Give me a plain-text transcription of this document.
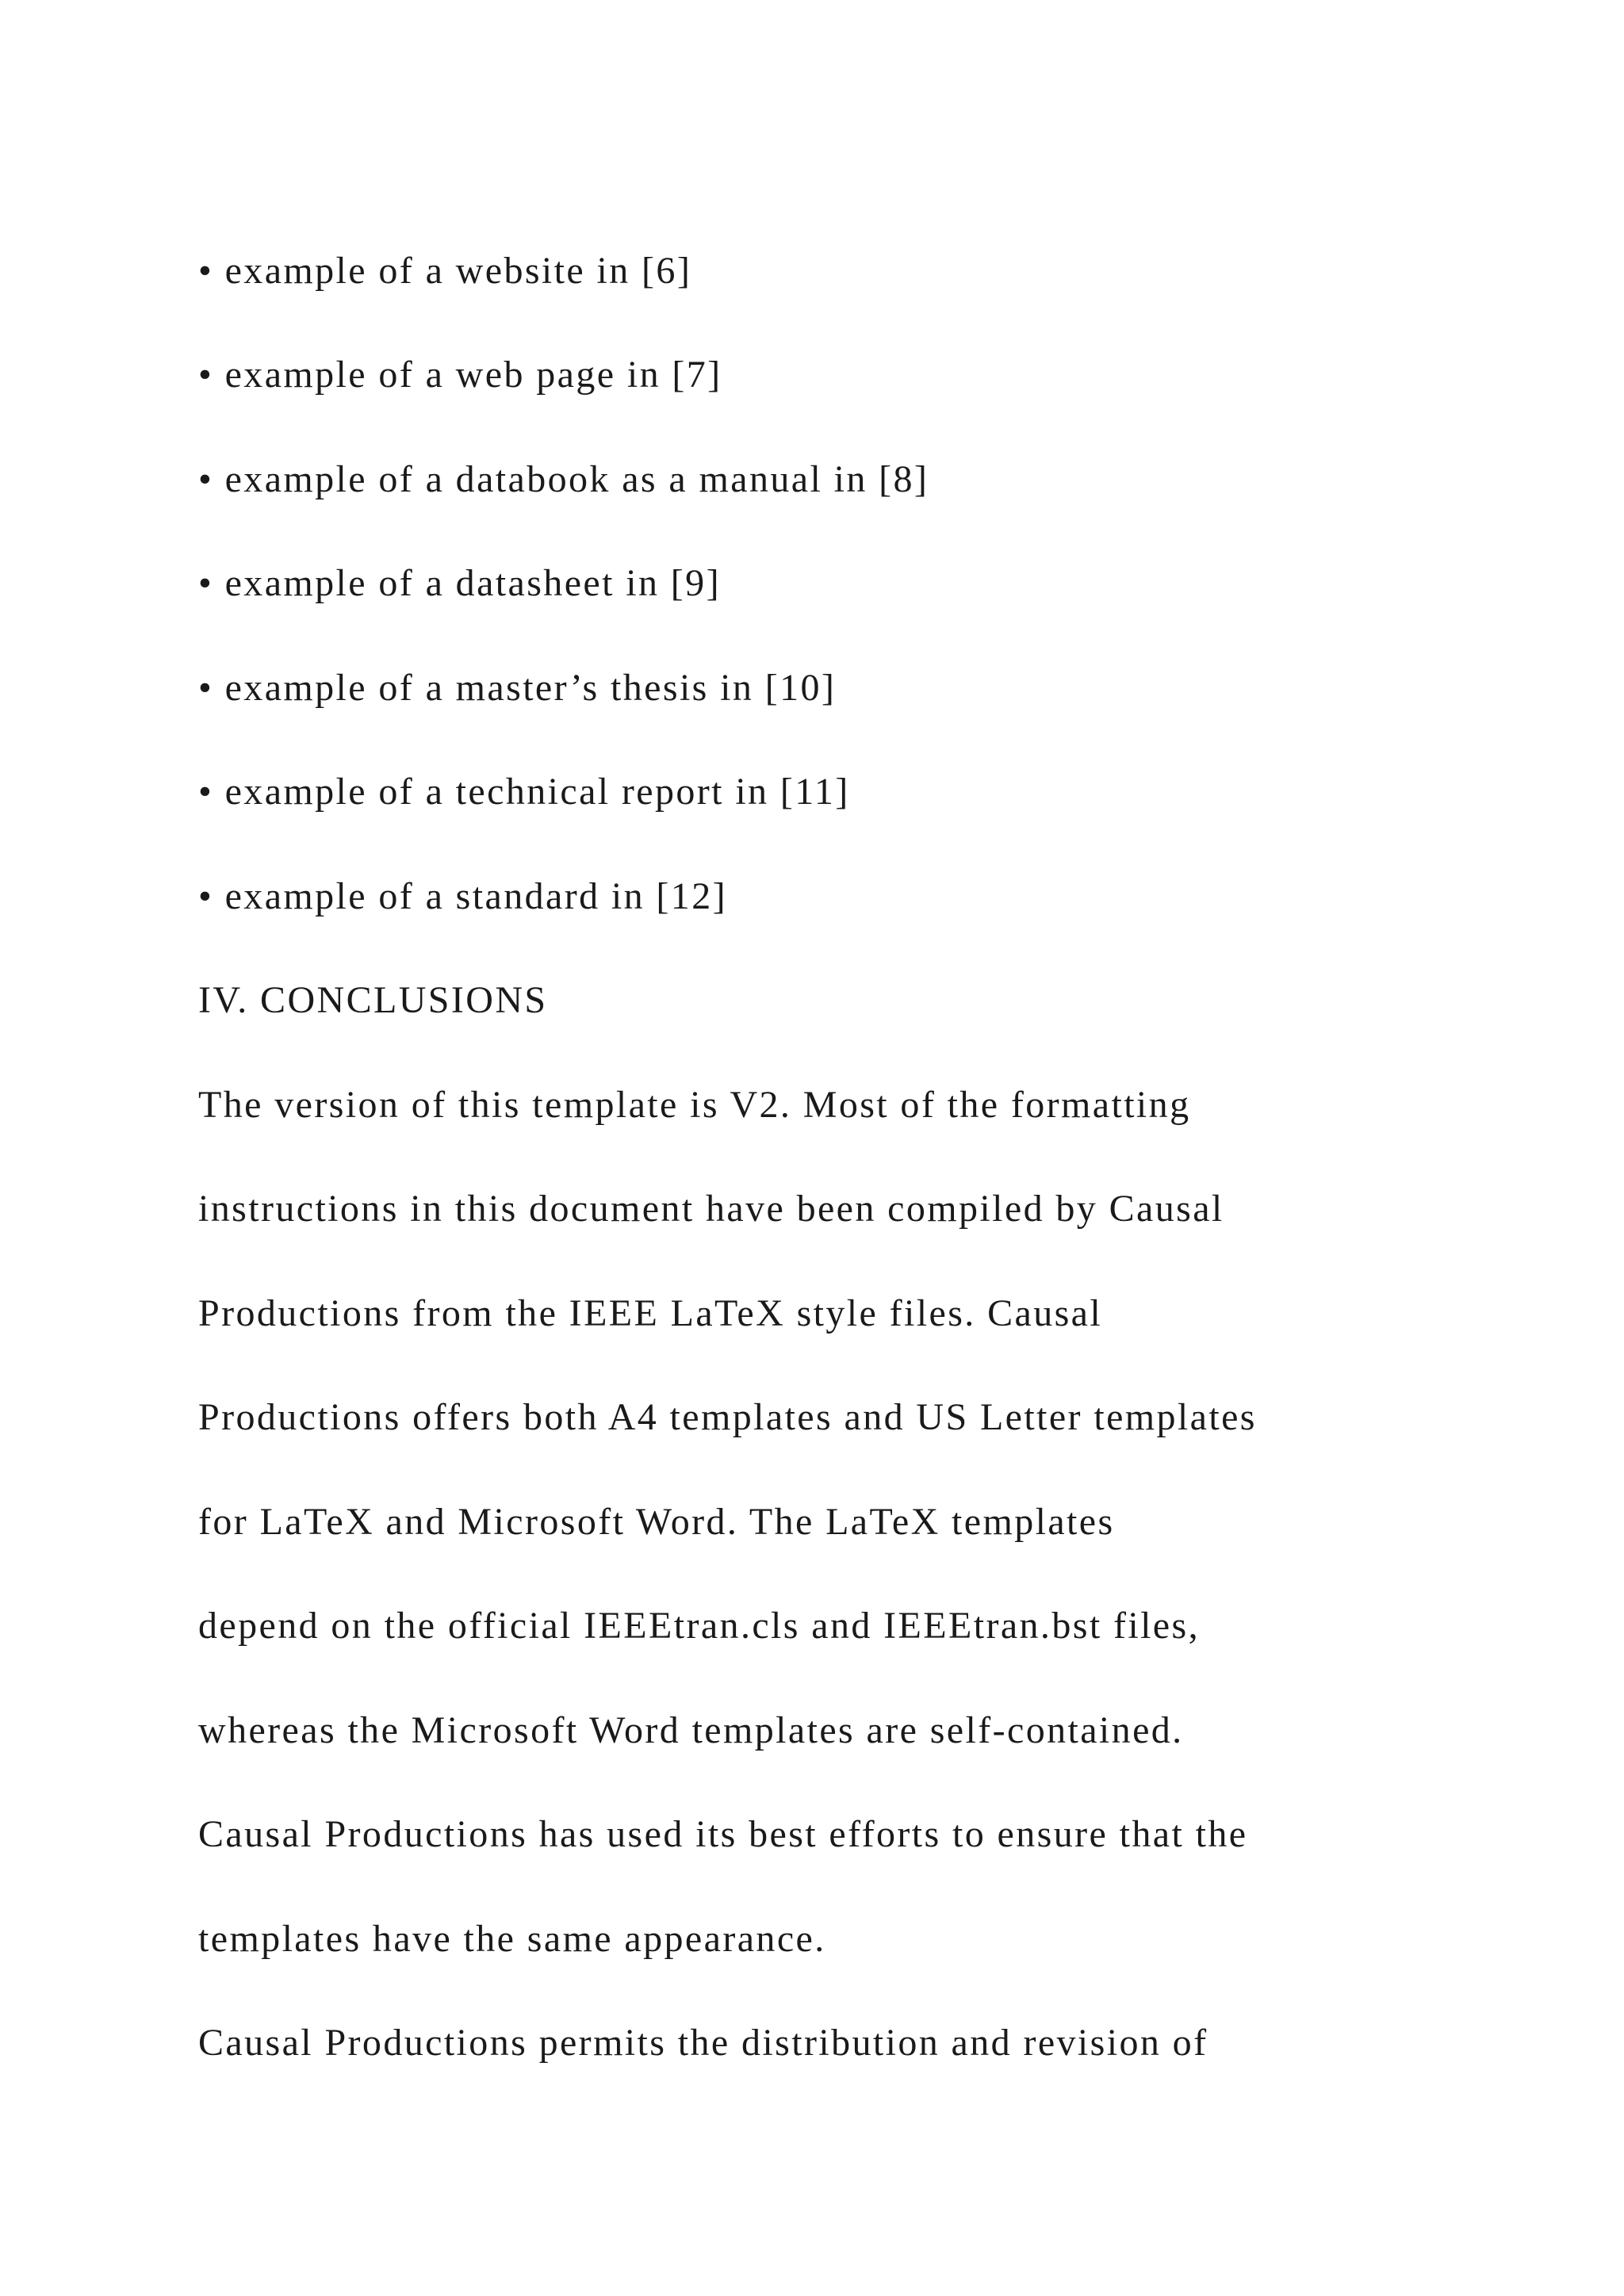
• example of a website in [6]
• example of a web page in [7]
• example of a databook as a manual in [8]
• example of a datasheet in [9]
• example of a master’s thesis in [10]
• example of a technical report in [11]
• example of a standard in [12]
IV. CONCLUSIONS
The version of this template is V2. Most of the formatting
instructions in this document have been compiled by Causal
Productions from the IEEE LaTeX style files. Causal
Productions offers both A4 templates and US Letter templates
for LaTeX and Microsoft Word. The LaTeX templates
depend on the official IEEEtran.cls and IEEEtran.bst files,
whereas the Microsoft Word templates are self-contained.
Causal Productions has used its best efforts to ensure that the
templates have the same appearance.
Causal Productions permits the distribution and revision of
